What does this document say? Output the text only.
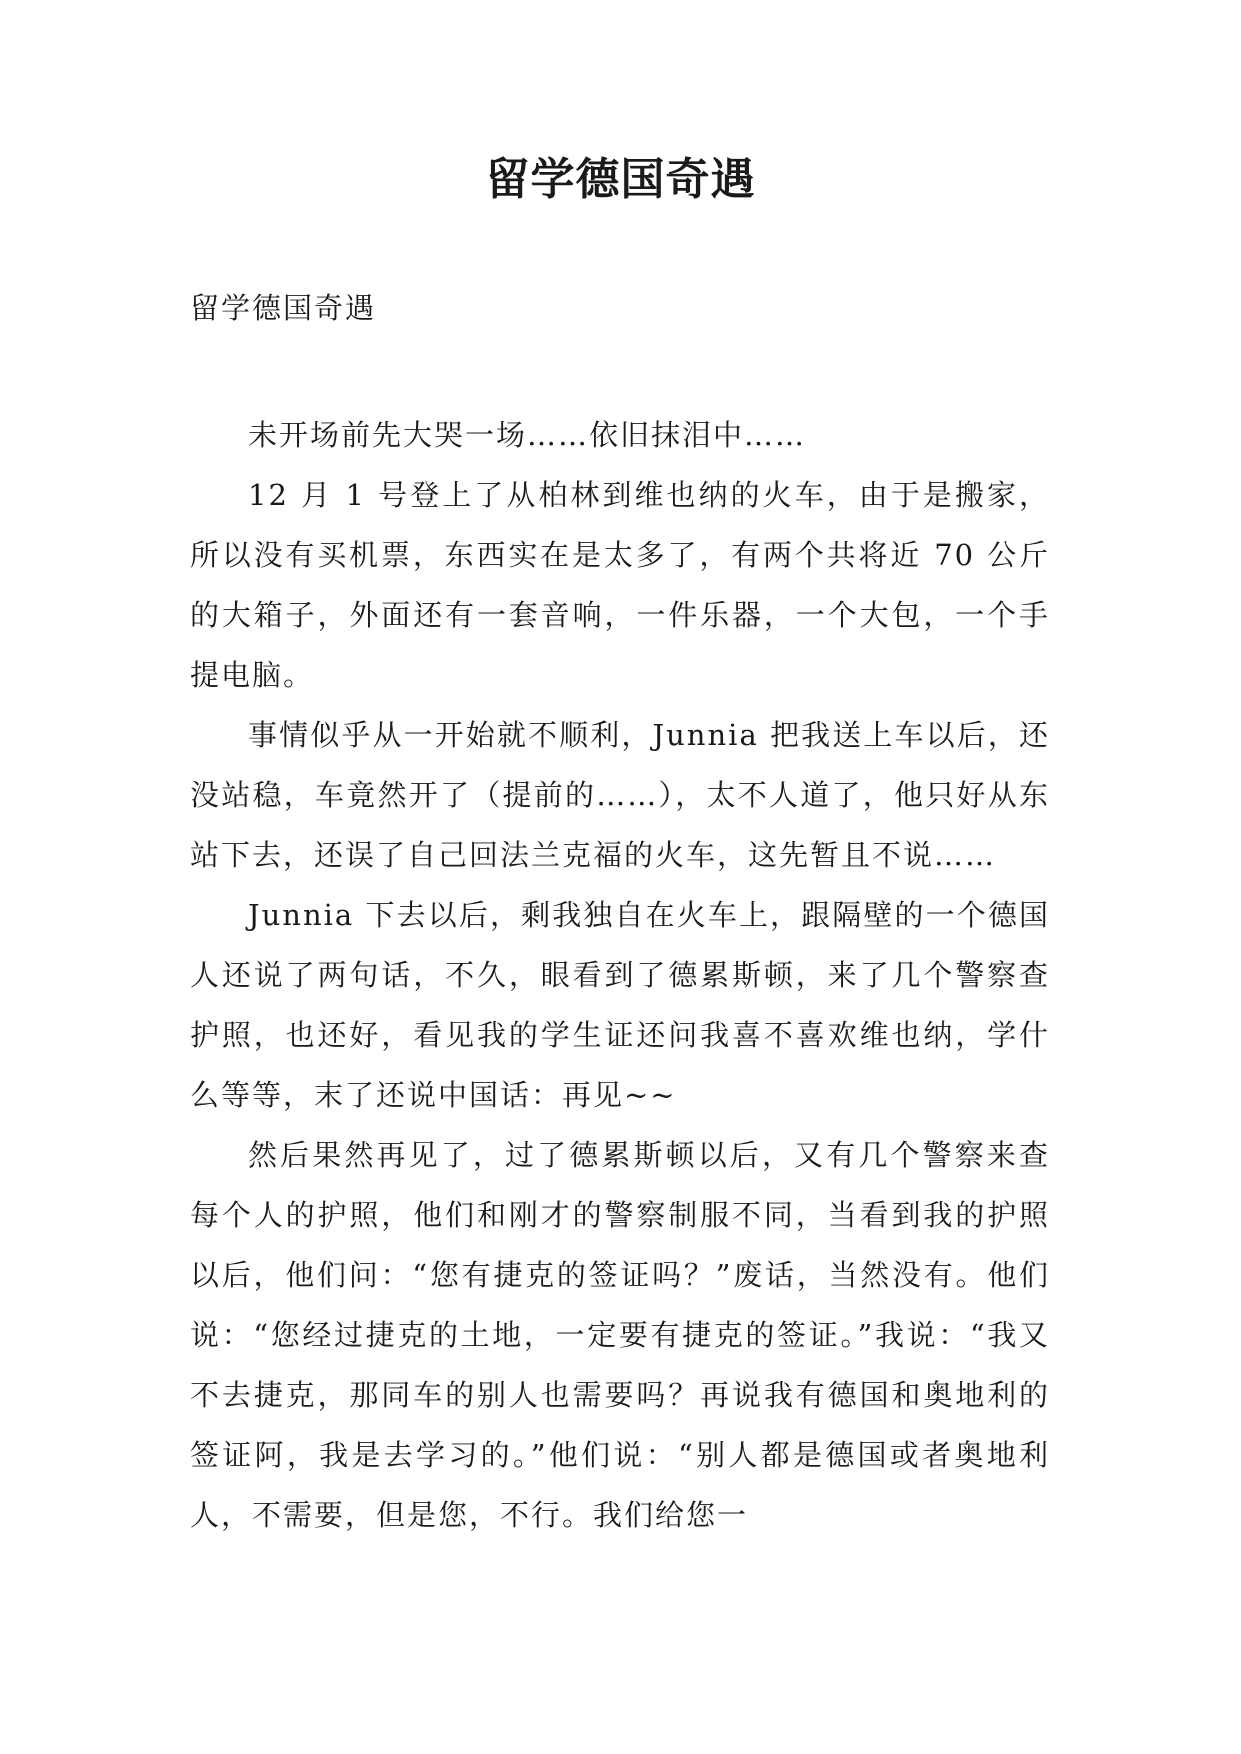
留学德国奇遇
留学德国奇遇

未开场前先大哭一场……依旧抹泪中……

12 月 1 号登上了从柏林到维也纳的火车，由于是搬家，所以没有买机票，东西实在是太多了，有两个共将近 70 公斤的大箱子，外面还有一套音响，一件乐器，一个大包，一个手提电脑。

事情似乎从一开始就不顺利，Junnia 把我送上车以后，还没站稳，车竟然开了（提前的……），太不人道了，他只好从东站下去，还误了自己回法兰克福的火车，这先暂且不说……

Junnia 下去以后，剩我独自在火车上，跟隔壁的一个德国人还说了两句话，不久，眼看到了德累斯顿，来了几个警察查护照，也还好，看见我的学生证还问我喜不喜欢维也纳，学什么等等，末了还说中国话：再见~~

然后果然再见了，过了德累斯顿以后，又有几个警察来查每个人的护照，他们和刚才的警察制服不同，当看到我的护照以后，他们问：“您有捷克的签证吗？”废话，当然没有。他们说：“您经过捷克的土地，一定要有捷克的签证。”我说：“我又不去捷克，那同车的别人也需要吗？再说我有德国和奥地利的签证阿，我是去学习的。”他们说：“别人都是德国或者奥地利人，不需要，但是您，不行。我们给您一
